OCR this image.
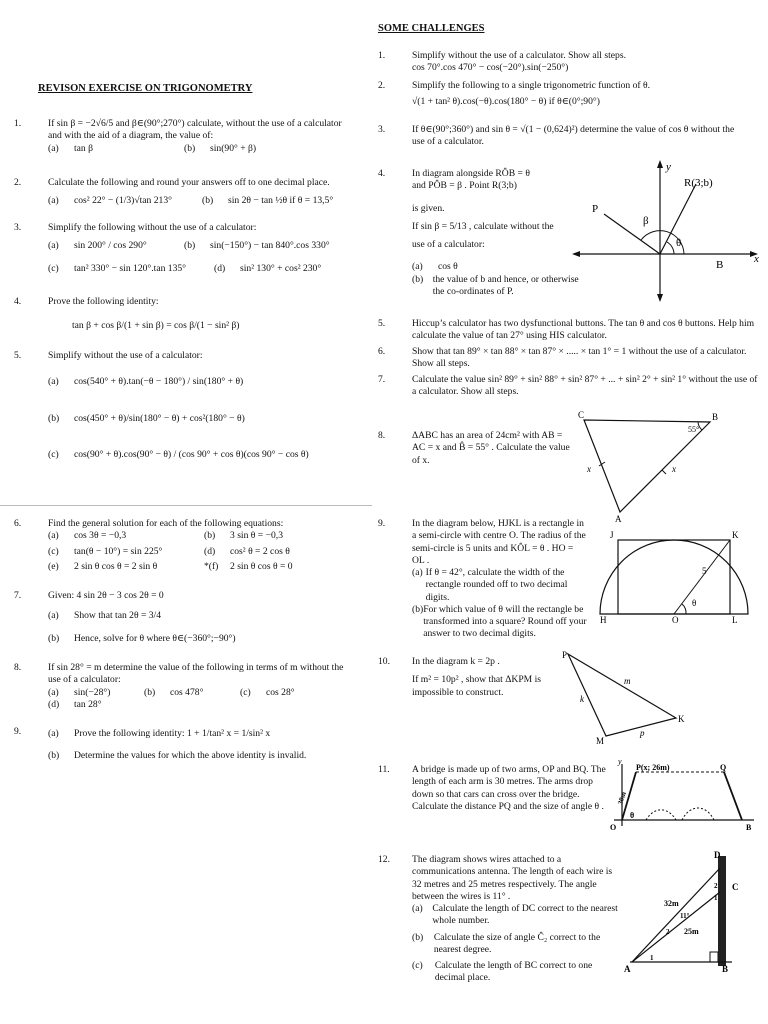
REVISON EXERCISE ON TRIGONOMETRY
1.	If sin β = −2√6/5 and β∈(90°;270°) calculate, without the use of a calculator and with the aid of a diagram, the value of:
(a) tan β	(b) sin(90° + β)
2.	Calculate the following and round your answers off to one decimal place.
(a) cos² 22° − (1/3)√tan 213°	(b) sin 2θ − tan ½θ if θ = 13,5°
3.	Simplify the following without the use of a calculator:
(a) sin 200° / cos 290°	(b) sin(−150°) − tan 840°.cos 330°
(c) tan² 330° − sin 120°.tan 135°	(d) sin² 130° + cos² 230°
4.	Prove the following identity:
tan β + cos β/(1 + sin β) = cos β/(1 − sin² β)
5.	Simplify without the use of a calculator:
(a) cos(540° + θ).tan(−θ − 180°) / sin(180° + θ)
(b) cos(450° + θ)/sin(180° − θ) + cos²(180° − θ)
(c) cos(90° + θ).cos(90° − θ) / (cos 90° + cos θ)(cos 90° − cos θ)
6.	Find the general solution for each of the following equations:
(a) cos 3θ = −0,3	(b) 3 sin θ = −0,3
(c) tan(θ − 10°) = sin 225°	(d) cos² θ = 2 cos θ
(e) 2 sin θ cos θ = 2 sin θ	*(f) 2 sin θ cos θ = 0
7.	Given: 4 sin 2θ − 3 cos 2θ = 0
(a) Show that tan 2θ = 3/4
(b) Hence, solve for θ where θ∈(−360°;−90°)
8.	If sin 28° = m determine the value of the following in terms of m without the use of a calculator:
(a) sin(−28°)	(b) cos 478°	(c) cos 28°
(d) tan 28°
9.	(a) Prove the following identity: 1 + 1/tan² x = 1/sin² x
(b) Determine the values for which the above identity is invalid.
SOME CHALLENGES
1.	Simplify without the use of a calculator. Show all steps.
cos 70°.cos 470° − cos(−20°).sin(−250°)
2.	Simplify the following to a single trigonometric function of θ.
√(1 + tan² θ).cos(−θ).cos(180° − θ) if θ∈(0°;90°)
3.	If θ∈(90°;360°) and sin θ = √(1 − (0,624)²) determine the value of cos θ without the use of a calculator.
4.	In diagram alongside RÔB = θ
and PÔB = β . Point R(3;b)
is given.
If sin β = 5/13 , calculate without the
use of a calculator:
(a) cos θ
(b) the value of b and hence, or otherwise the co-ordinates of P.
5.	Hiccup’s calculator has two dysfunctional buttons. The tan θ and cos θ buttons. Help him calculate the value of tan 27° using HIS calculator.
6.	Show that tan 89° × tan 88° × tan 87° × ..... × tan 1° = 1 without the use of a calculator. Show all steps.
7.	Calculate the value sin² 89° + sin² 88° + sin² 87° + ... + sin² 2° + sin² 1° without the use of a calculator. Show all steps.
8.	ΔABC has an area of 24cm² with AB = AC = x and B̂ = 55° . Calculate the value of x.
9.	In the diagram below, HJKL is a rectangle in a semi-circle with centre O. The radius of the semi-circle is 5 units and KÔL = θ . HO = OL .
(a) If θ = 42°, calculate the width of the rectangle rounded off to two decimal digits.
(b) For which value of θ will the rectangle be transformed into a square? Round off your answer to two decimal digits.
10. In the diagram k = 2p .
If m² = 10p² , show that ΔKPM is impossible to construct.
11. A bridge is made up of two arms, OP and BQ. The length of each arm is 30 metres. The arms drop down so that cars can cross over the bridge. Calculate the distance PQ and the size of angle θ .
12. The diagram shows wires attached to a communications antenna. The length of each wire is 32 metres and 25 metres respectively. The angle between the wires is 11° .
(a)	Calculate the length of DC correct to the nearest whole number.
(b)	Calculate the size of angle Ĉ₂ correct to the nearest degree.
(c)	Calculate the length of BC correct to one decimal place.
y
x
R(3;b)
P
B
β
θ
C	B
A
x	x
55°
J	K
H	O	L
5
θ
P
m
k
K
M
p
y
P(x; 26m)	Q
O	B
30m
θ
D
C
A	B
32m
25m
11°
2
1
2
1
